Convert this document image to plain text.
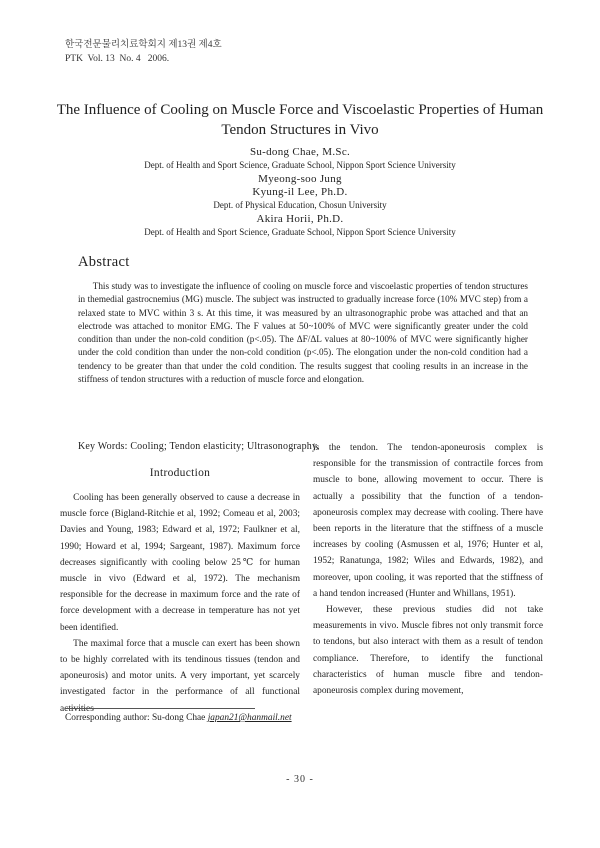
한국전문물리치료학회지 제13권 제4호
PTK  Vol. 13  No. 4   2006.
The Influence of Cooling on Muscle Force and Viscoelastic Properties of Human Tendon Structures in Vivo
Su-dong Chae, M.Sc.
Dept. of Health and Sport Science, Graduate School, Nippon Sport Science University
Myeong-soo Jung
Kyung-il Lee, Ph.D.
Dept. of Physical Education, Chosun University
Akira Horii, Ph.D.
Dept. of Health and Sport Science, Graduate School, Nippon Sport Science University
Abstract
This study was to investigate the influence of cooling on muscle force and viscoelastic properties of tendon structures in themedial gastrocnemius (MG) muscle. The subject was instructed to gradually increase force (10% MVC step) from a relaxed state to MVC within 3 s. At this time, it was measured by an ultrasonographic probe was attached and that an electrode was attached to monitor EMG. The F values at 50~100% of MVC were significantly greater under the cold condition than under the non-cold condition (p<.05). The ΔF/ΔL values at 80~100% of MVC were significantly higher under the cold condition than under the non-cold condition (p<.05). The elongation under the non-cold condition had a tendency to be greater than that under the cold condition. The results suggest that cooling results in an increase in the stiffness of tendon structures with a reduction of muscle force and elongation.
Key Words: Cooling; Tendon elasticity; Ultrasonography.
Introduction

Cooling has been generally observed to cause a decrease in muscle force (Bigland-Ritchie et al, 1992; Comeau et al, 2003; Davies and Young, 1983; Edward et al, 1972; Faulkner et al, 1990; Howard et al, 1994; Sargeant, 1987). Maximum force decreases significantly with cooling below 25℃ for human muscle in vivo (Edward et al, 1972). The mechanism responsible for the decrease in maximum force and the rate of force development with a decrease in temperature has not yet been identified.

The maximal force that a muscle can exert has been shown to be highly correlated with its tendinous tissues (tendon and aponeurosis) and motor units. A very important, yet scarcely investigated factor in the performance of all functional activities

is the tendon. The tendon-aponeurosis complex is responsible for the transmission of contractile forces from muscle to bone, allowing movement to occur. There is actually a possibility that the function of a tendon-aponeurosis complex may decrease with cooling. There have been reports in the literature that the stiffness of a muscle increases by cooling (Asmussen et al, 1976; Hunter et al, 1952; Ranatunga, 1982; Wiles and Edwards, 1982), and moreover, upon cooling, it was reported that the stiffness of a hand tendon increased (Hunter and Whillans, 1951).

However, these previous studies did not take measurements in vivo. Muscle fibres not only transmit force to tendons, but also interact with them as a result of tendon compliance. Therefore, to identify the functional characteristics of human muscle fibre and tendon-aponeurosis complex during movement,

Corresponding author: Su-dong Chae japan21@hanmail.net
- 30 -
